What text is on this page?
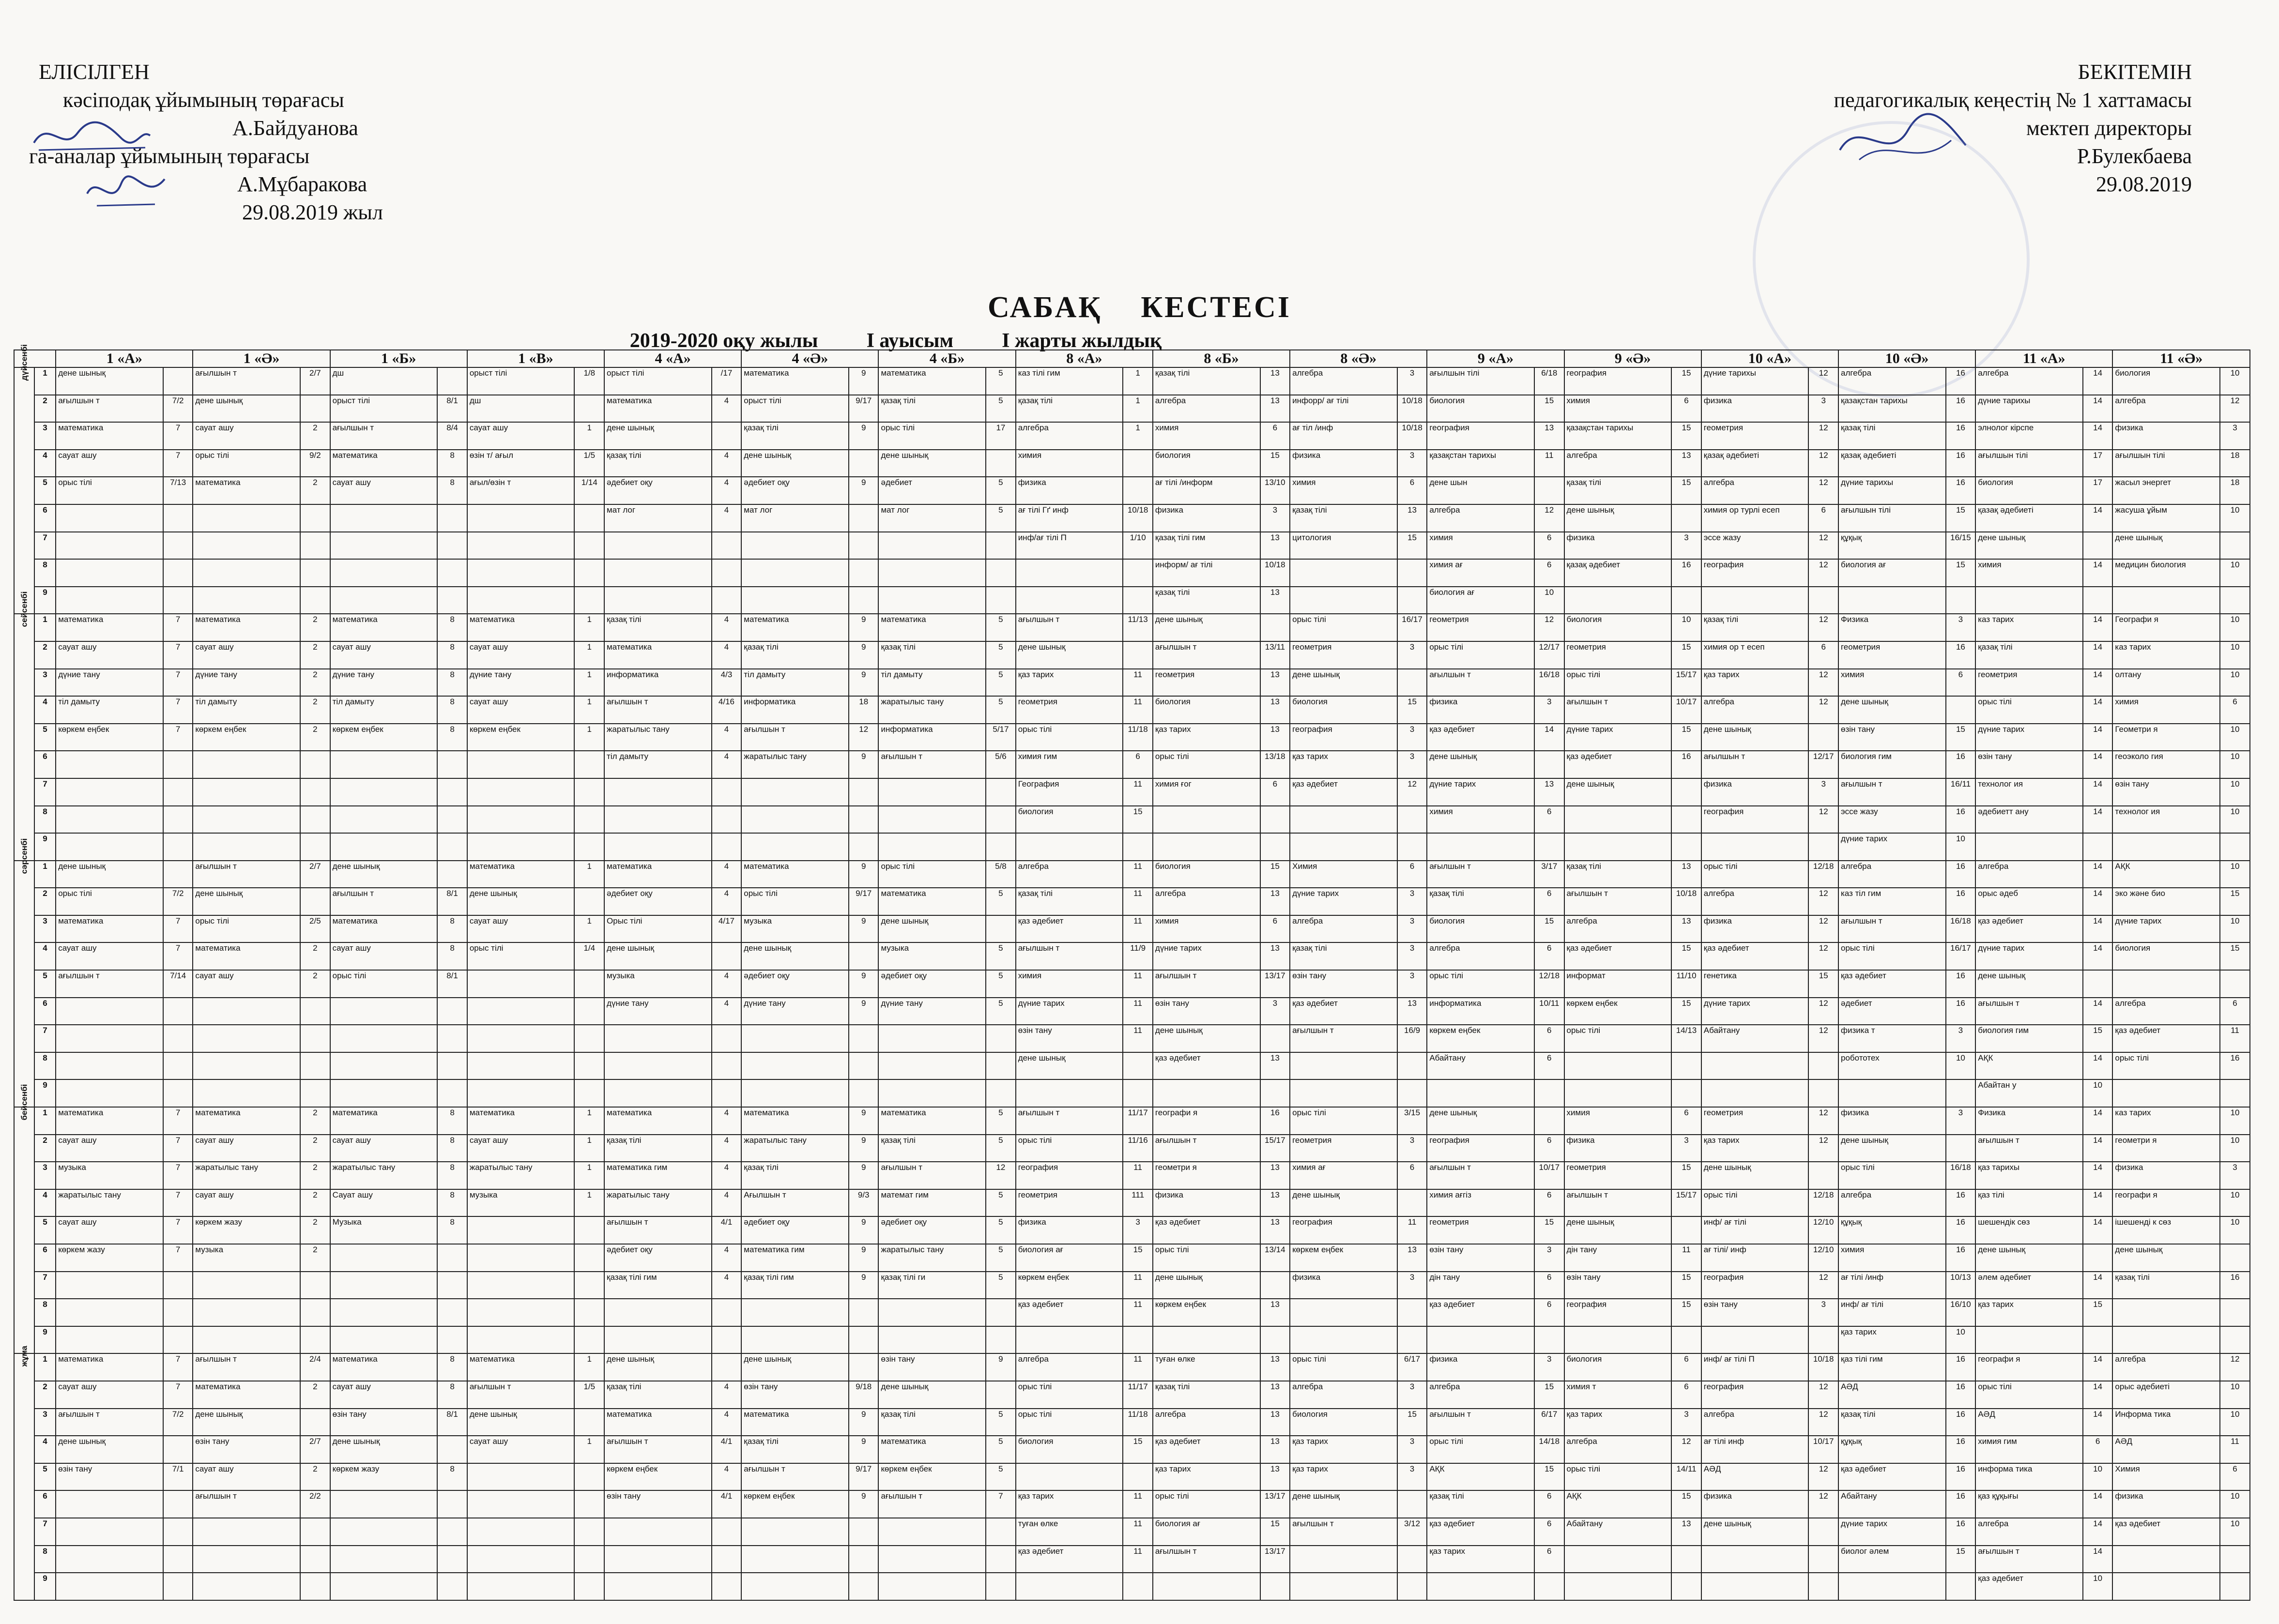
ЕЛІСІЛГЕН
кәсіподақ ұйымының төрағасы
А.Байдуанова
га-аналар ұйымының төрағасы
А.Мұбаракова
29.08.2019 жыл
БЕКІТЕМІН
педагогикалық кеңестің № 1 хаттамасы
мектеп директоры
Р.Булекбаева
29.08.2019
САБАҚ КЕСТЕСІ
2019-2020 оқу жылы I ауысым I жарты жылдық
		1 «А»		1 «Ә»		1 «Б»		1 «В»		4 «А»		4 «Ә»		4 «Б»		8 «А»		8 «Б»		8 «Ә»		9 «А»		9 «Ә»		10 «А»		10 «Ә»		11 «А»		11 «Ә»	

дүйсенбі	1	дене шынық		ағылшын т	2/7	дш		орыст тілі	1/8	орыст тілі	/17	математика	9	математика	5	каз тілі гим	1	қазақ тілі	13	алгебра	3	ағылшын тілі	6/18	география	15	дүние тарихы	12	алгебра	16	алгебра	14	биология	10
	2	ағылшын т	7/2	дене шынық		орыст тілі	8/1	дш		математика	4	орыст тілі	9/17	қазақ тілі	5	қазақ тілі	1	алгебра	13	инфорр/ ағ тілі	10/18	биология	15	химия	6	физика	3	қазақстан тарихы	16	дүние тарихы	14	алгебра	12
	3	математика	7	сауат ашу	2	ағылшын т	8/4	сауат ашу	1	дене шынық		қазақ тілі	9	орыс тілі	17	алгебра	1	химия	6	ағ тіл /инф	10/18	география	13	қазақстан тарихы	15	геометрия	12	қазақ тілі	16	элнолог кірспе	14	физика	3
	4	сауат ашу	7	орыс тілі	9/2	математика	8	өзін т/ ағыл	1/5	қазақ тілі	4	дене шынық		дене шынық		химия		биология	15	физика	3	қазақстан тарихы	11	алгебра	13	қазақ әдебиеті	12	қазақ әдебиеті	16	ағылшын тілі	17	ағылшын тілі	18
	5	орыс тілі	7/13	математика	2	сауат ашу	8	ағыл/өзін т	1/14	әдебиет оқу	4	әдебиет оқу	9	әдебиет	5	физика		ағ тілі /информ	13/10	химия	6	дене шын		қазақ тілі	15	алгебра	12	дүние тарихы	16	биология	17	жасыл энергет	18
	6									мат лог	4	мат лог		мат лог	5	ағ тілі Гґ инф	10/18	физика	3	қазақ тілі	13	алгебра	12	дене шынық		химия ор турлі есеп	6	ағылшын тілі	15	қазақ әдебиеті	14	жасуша ұйым	10
	7															инф/ағ тілі П	1/10	қазақ тілі гим	13	цитология	15	химия	6	физика	3	эссе жазу	12	құқық	16/15	дене шынық		дене шынық	
	8																	информ/ ағ тілі	10/18			химия ағ	6	қазақ әдебиет	16	география	12	биология ағ	15	химия	14	медицин биология	10
	9																	қазақ тілі	13			биология ағ	10										

сейсенбі	1	математика	7	математика	2	математика	8	математика	1	қазақ тілі	4	математика	9	математика	5	ағылшын т	11/13	дене шынық		орыс тілі	16/17	геометрия	12	биология	10	қазақ тілі	12	Физика	3	каз тарих	14	Географи я	10
	2	сауат ашу	7	сауат ашу	2	сауат ашу	8	сауат ашу	1	математика	4	қазақ тілі	9	қазақ тілі	5	дене шынық		ағылшын т	13/11	геометрия	3	орыс тілі	12/17	геометрия	15	химия ор т есеп	6	геометрия	16	қазақ тілі	14	каз тарих	10
	3	дүние тану	7	дүние тану	2	дүние тану	8	дүние тану	1	информатика	4/3	тіл дамыту	9	тіл дамыту	5	қаз тарих	11	геометрия	13	дене шынық		ағылшын т	16/18	орыс тілі	15/17	қаз тарих	12	химия	6	геометрия	14	олтану	10
	4	тіл дамыту	7	тіл дамыту	2	тіл дамыту	8	сауат ашу	1	ағылшын т	4/16	информатика	18	жаратылыс тану	5	геометрия	11	биология	13	биология	15	физика	3	ағылшын т	10/17	алгебра	12	дене шынық		орыс тілі	14	химия	6
	5	көркем еңбек	7	көркем еңбек	2	көркем еңбек	8	көркем еңбек	1	жаратылыс тану	4	ағылшын т	12	информатика	5/17	орыс тілі	11/18	қаз тарих	13	география	3	қаз әдебиет	14	дүние тарих	15	дене шынық		өзін тану	15	дүние тарих	14	Геометри я	10
	6									тіл дамыту	4	жаратылыс тану	9	ағылшын т	5/6	химия гим	6	орыс тілі	13/18	қаз тарих	3	дене шынық		қаз әдебиет	16	ағылшын т	12/17	биология гим	16	өзін тану	14	геоэколо гия	10
	7															География	11	химия ғог	6	қаз әдебиет	12	дүние тарих	13	дене шынық		физика	3	ағылшын т	16/11	технолог ия	14	өзін тану	10
	8															биология	15					химия	6			география	12	эссе жазу	16	әдебиетт ану	14	технолог ия	10
	9																											дүние тарих	10				

сәрсенбі	1	дене шынық		ағылшын т	2/7	дене шынық		математика	1	математика	4	математика	9	орыс тілі	5/8	алгебра	11	биология	15	Химия	6	ағылшын т	3/17	қазақ тілі	13	орыс тілі	12/18	алгебра	16	алгебра	14	АҚК	10
	2	орыс тілі	7/2	дене шынық		ағылшын т	8/1	дене шынық		әдебиет оқу	4	орыс тілі	9/17	математика	5	қазақ тілі	11	алгебра	13	дүние тарих	3	қазақ тілі	6	ағылшын т	10/18	алгебра	12	каз тіл гим	16	орыс әдеб	14	эко және био	15
	3	математика	7	орыс тілі	2/5	математика	8	сауат ашу	1	Орыс тілі	4/17	музыка	9	дене шынық		қаз әдебиет	11	химия	6	алгебра	3	биология	15	алгебра	13	физика	12	ағылшын т	16/18	қаз әдебиет	14	дүние тарих	10
	4	сауат ашу	7	математика	2	сауат ашу	8	орыс тілі	1/4	дене шынық		дене шынық		музыка	5	ағылшын т	11/9	дүние тарих	13	қазақ тілі	3	алгебра	6	қаз әдебиет	15	қаз әдебиет	12	орыс тілі	16/17	дүние тарих	14	биология	15
	5	ағылшын т	7/14	сауат ашу	2	орыс тілі	8/1			музыка	4	әдебиет оқу	9	әдебиет оқу	5	химия	11	ағылшын т	13/17	өзін тану	3	орыс тілі	12/18	информат	11/10	генетика	15	қаз әдебиет	16	дене шынық			
	6									дүние тану	4	дүние тану	9	дүние тану	5	дүние тарих	11	өзін тану	3	қаз әдебиет	13	информатика	10/11	көркем еңбек	15	дүние тарих	12	әдебиет	16	ағылшын т	14	алгебра	6
	7															өзін тану	11	дене шынық		ағылшын т	16/9	көркем еңбек	6	орыс тілі	14/13	Абайтану	12	физика т	3	биология гим	15	қаз әдебиет	11
	8															дене шынық		қаз әдебиет	13			Абайтану	6					робототех	10	АҚК	14	орыс тілі	16
	9																													Абайтан у	10		

бейсенбі	1	математика	7	математика	2	математика	8	математика	1	математика	4	математика	9	математика	5	ағылшын т	11/17	географи я	16	орыс тілі	3/15	дене шынық		химия	6	геометрия	12	физика	3	Физика	14	каз тарих	10
	2	сауат ашу	7	сауат ашу	2	сауат ашу	8	сауат ашу	1	қазақ тілі	4	жаратылыс тану	9	қазақ тілі	5	орыс тілі	11/16	ағылшын т	15/17	геометрия	3	география	6	физика	3	қаз тарих	12	дене шынық		ағылшын т	14	геометри я	10
	3	музыка	7	жаратылыс тану	2	жаратылыс тану	8	жаратылыс тану	1	математика гим	4	қазақ тілі	9	ағылшын т	12	география	11	геометри я	13	химия ағ	6	ағылшын т	10/17	геометрия	15	дене шынық		орыс тілі	16/18	қаз тарихы	14	физика	3
	4	жаратылыс тану	7	сауат ашу	2	Сауат ашу	8	музыка	1	жаратылыс тану	4	Ағылшын т	9/3	математ гим	5	геометрия	111	физика	13	дене шынық		химия ағгіз	6	ағылшын т	15/17	орыс тілі	12/18	алгебра	16	қаз тілі	14	географи я	10
	5	сауат ашу	7	көркем жазу	2	Музыка	8			ағылшын т	4/1	әдебиет оқу	9	әдебиет оқу	5	физика	3	қаз әдебиет	13	география	11	геометрия	15	дене шынық		инф/ ағ тілі	12/10	құқық	16	шешендік сөз	14	ішешенді к сөз	10
	6	көркем жазу	7	музыка	2					әдебиет оқу	4	математика гим	9	жаратылыс тану	5	биология ағ	15	орыс тілі	13/14	көркем еңбек	13	өзін тану	3	дін тану	11	ағ тілі/ инф	12/10	химия	16	дене шынық		дене шынық	
	7									қазақ тілі гим	4	қазақ тілі гим	9	қазақ тілі ги	5	көркем еңбек	11	дене шынық		физика	3	дін тану	6	өзін тану	15	география	12	ағ тілі /инф	10/13	әлем әдебиет	14	қазақ тілі	16
	8															қаз әдебиет	11	көркем еңбек	13			қаз әдебиет	6	география	15	өзін тану	3	инф/ ағ тілі	16/10	қаз тарих	15		
	9																											қаз тарих	10				

жұма	1	математика	7	ағылшын т	2/4	математика	8	математика	1	дене шынық		дене шынық		өзін тану	9	алгебра	11	туған өлке	13	орыс тілі	6/17	физика	3	биология	6	инф/ ағ тілі П	10/18	қаз тілі гим	16	географи я	14	алгебра	12
	2	сауат ашу	7	математика	2	сауат ашу	8	ағылшын т	1/5	қазақ тілі	4	өзін тану	9/18	дене шынық		орыс тілі	11/17	қазақ тілі	13	алгебра	3	алгебра	15	химия т	6	география	12	АӘД	16	орыс тілі	14	орыс әдебиеті	10
	3	ағылшын т	7/2	дене шынық		өзін тану	8/1	дене шынық		математика	4	математика	9	қазақ тілі	5	орыс тілі	11/18	алгебра	13	биология	15	ағылшын т	6/17	қаз тарих	3	алгебра	12	қазақ тілі	16	АӘД	14	Информа тика	10
	4	дене шынық		өзін тану	2/7	дене шынық		сауат ашу	1	ағылшын т	4/1	қазақ тілі	9	математика	5	биология	15	қаз әдебиет	13	қаз тарих	3	орыс тілі	14/18	алгебра	12	ағ тілі инф	10/17	құқық	16	химия гим	6	АӘД	11
	5	өзін тану	7/1	сауат ашу	2	көркем жазу	8			көркем еңбек	4	ағылшын т	9/17	көркем еңбек	5			қаз тарих	13	қаз тарих	3	АҚК	15	орыс тілі	14/11	АӘД	12	қаз әдебиет	16	информа тика	10	Химия	6
	6			ағылшын т	2/2					өзін тану	4/1	көркем еңбек	9	ағылшын т	7	қаз тарих	11	орыс тілі	13/17	дене шынық		қазақ тілі	6	АҚК	15	физика	12	Абайтану	16	қаз құқығы	14	физика	10
	7															туған өлке	11	биология ағ	15	ағылшын т	3/12	қаз әдебиет	6	Абайтану	13	дене шынық		дүние тарих	16	алгебра	14	қаз әдебиет	10
	8															қаз әдебиет	11	ағылшын т	13/17			қаз тарих	6					биолог әлем	15	ағылшын т	14		
	9																													қаз әдебиет	10		
